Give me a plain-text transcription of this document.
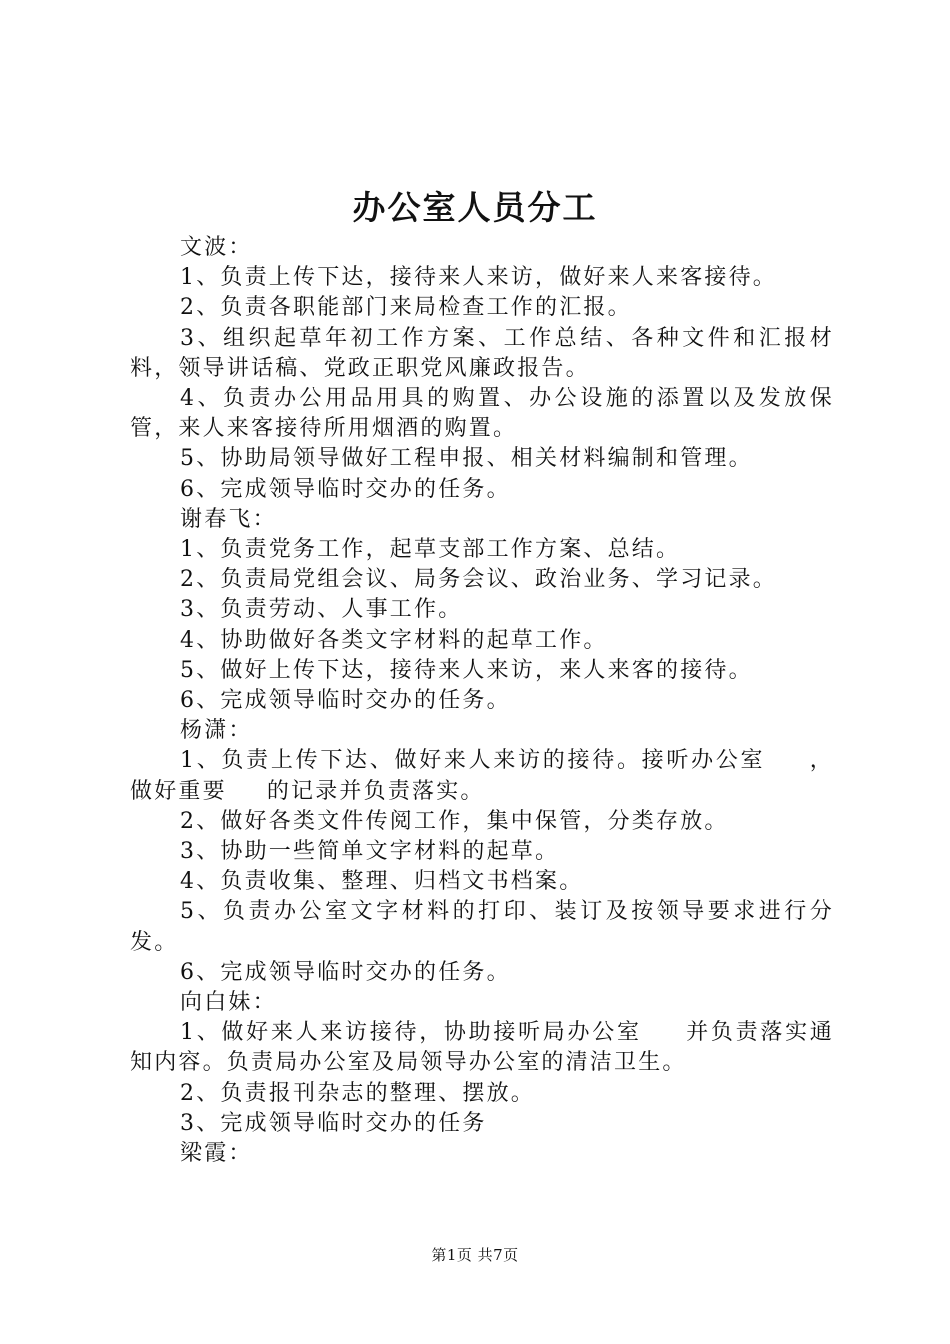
办公室人员分工

文波：

1、负责上传下达，接待来人来访，做好来人来客接待。

2、负责各职能部门来局检查工作的汇报。

3、组织起草年初工作方案、工作总结、各种文件和汇报材料，领导讲话稿、党政正职党风廉政报告。

4、负责办公用品用具的购置、办公设施的添置以及发放保管，来人来客接待所用烟酒的购置。

5、协助局领导做好工程申报、相关材料编制和管理。

6、完成领导临时交办的任务。

谢春飞：

1、负责党务工作，起草支部工作方案、总结。

2、负责局党组会议、局务会议、政治业务、学习记录。

3、负责劳动、人事工作。

4、协助做好各类文字材料的起草工作。

5、做好上传下达，接待来人来访，来人来客的接待。

6、完成领导临时交办的任务。

杨潇：

1、负责上传下达、做好来人来访的接待。接听办公室 ，做好重要 的记录并负责落实。

2、做好各类文件传阅工作，集中保管，分类存放。

3、协助一些简单文字材料的起草。

4、负责收集、整理、归档文书档案。

5、负责办公室文字材料的打印、装订及按领导要求进行分发。

6、完成领导临时交办的任务。

向白妹：

1、做好来人来访接待，协助接听局办公室 并负责落实通知内容。负责局办公室及局领导办公室的清洁卫生。

2、负责报刊杂志的整理、摆放。

3、完成领导临时交办的任务

梁霞：

第1页 共7页
